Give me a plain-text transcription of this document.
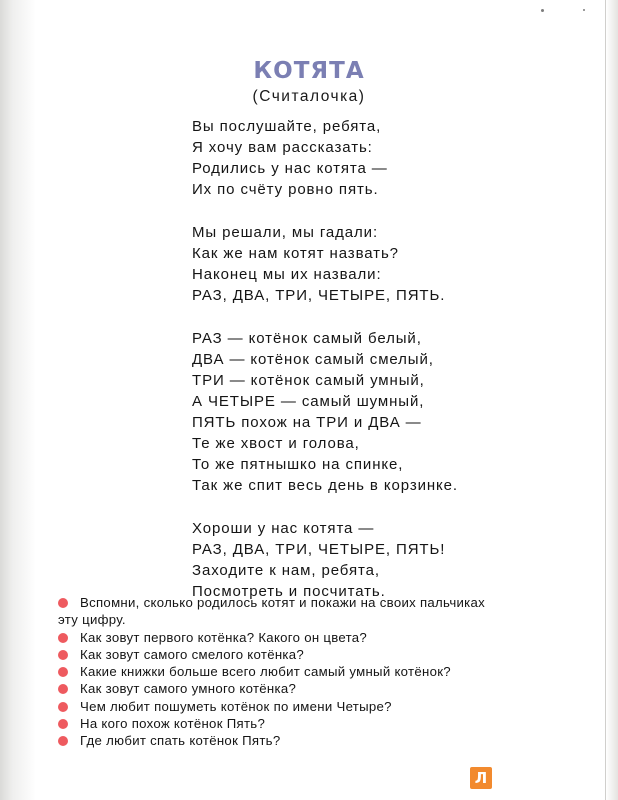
КОТЯТА
(Считалочка)
Вы послушайте, ребята,
Я хочу вам рассказать:
Родились у нас котята —
Их по счёту ровно пять.
Мы решали, мы гадали:
Как же нам котят назвать?
Наконец мы их назвали:
РАЗ, ДВА, ТРИ, ЧЕТЫРЕ, ПЯТЬ.
РАЗ — котёнок самый белый,
ДВА — котёнок самый смелый,
ТРИ — котёнок самый умный,
А ЧЕТЫРЕ — самый шумный,
ПЯТЬ похож на ТРИ и ДВА —
Те же хвост и голова,
То же пятнышко на спинке,
Так же спит весь день в корзинке.
Хороши у нас котята —
РАЗ, ДВА, ТРИ, ЧЕТЫРЕ, ПЯТЬ!
Заходите к нам, ребята,
Посмотреть и посчитать.
Вспомни, сколько родилось котят и покажи на своих пальчиках
эту цифру.
Как зовут первого котёнка? Какого он цвета?
Как зовут самого смелого котёнка?
Какие книжки больше всего любит самый умный котёнок?
Как зовут самого умного котёнка?
Чем любит пошуметь котёнок по имени Четыре?
На кого похож котёнок Пять?
Где любит спать котёнок Пять?
Л
